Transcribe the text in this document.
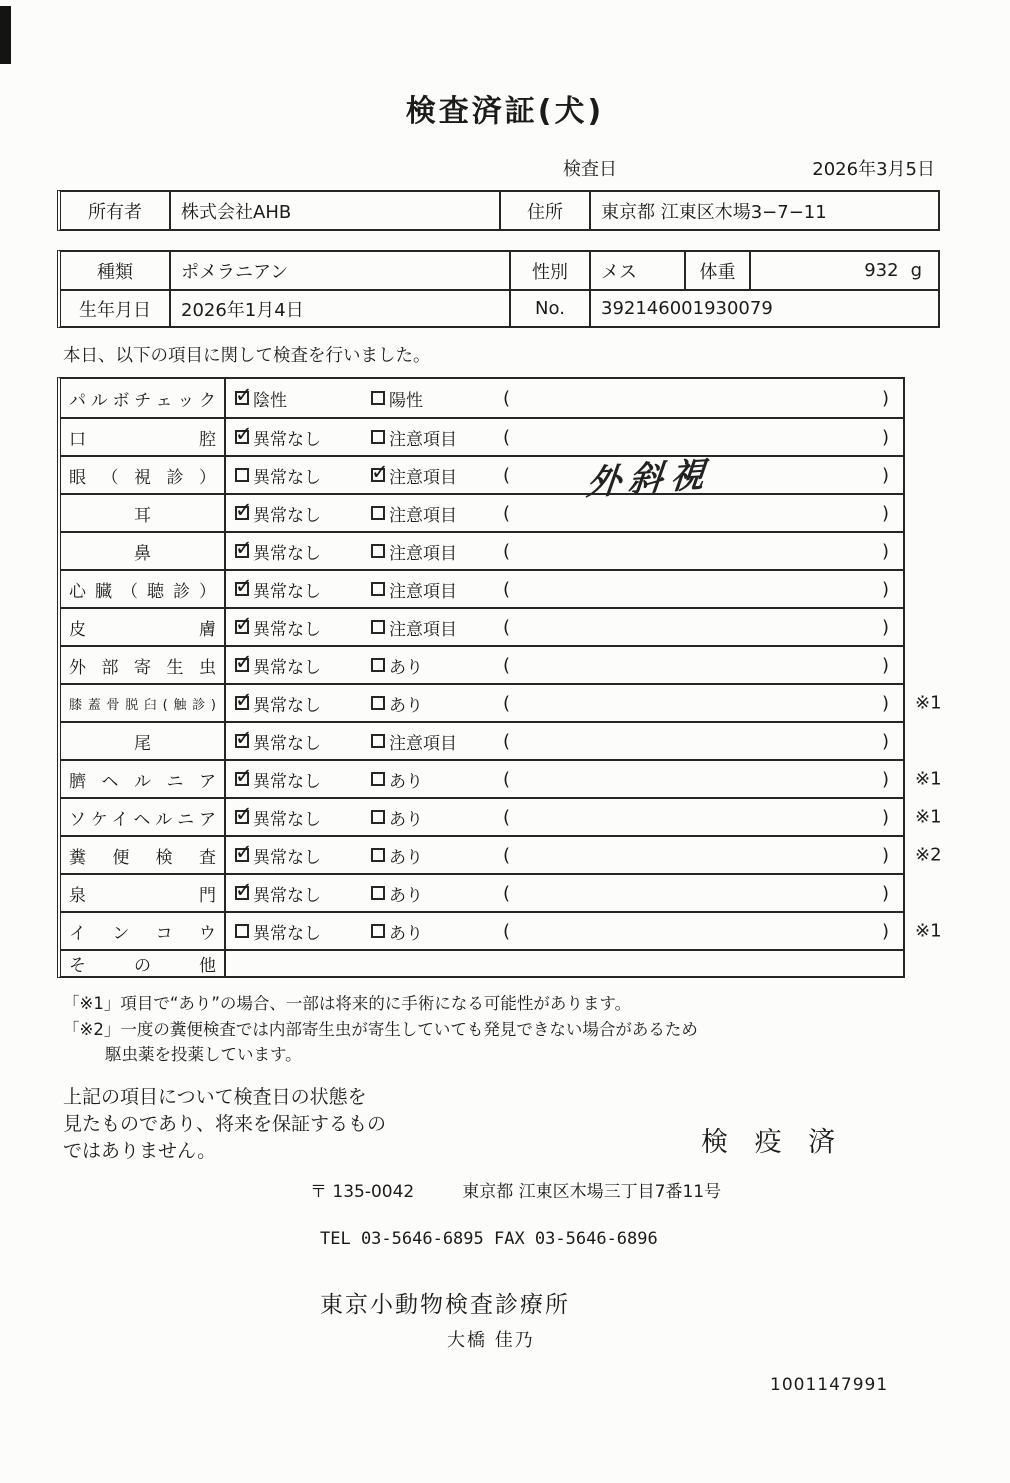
検査済証(犬)
検査日	2026年3月5日
所有者	株式会社AHB	住所	東京都 江東区木場3−7−11
種類	ポメラニアン	性別	メス	体重	932 g
生年月日	2026年1月4日	No.	392146001930079
本日、以下の項目に関して検査を行いました。
パルボチェック ✓ 陰性	陽性	(	)
口腔 ✓ 異常なし	注意項目	(	)
眼（視診） 異常なし ✓	注意項目	( 外斜視	)
耳 ✓	異常なし	注意項目	(	)
鼻 ✓	異常なし	注意項目	(	)
心臓（聴診） ✓ 異常なし	注意項目	(	)
皮膚 ✓ 異常なし	注意項目	(	)
外部寄生虫 ✓ 異常なし	あり	(	)
膝蓋骨脱臼(触診) ✓ 異常なし	あり	(	)	※1
尾 ✓	異常なし	注意項目	(	)
臍ヘルニア ✓ 異常なし	あり	(	)	※1
ソケイヘルニア ✓ 異常なし	あり	(	)	※1
糞便検査 ✓ 異常なし	あり	(	)	※2
泉門 ✓ 異常なし	あり	(	)
インコウ 異常なし	あり	(	)	※1
その他
「※1」項目で“あり”の場合、一部は将来的に手術になる可能性があります。
「※2」一度の糞便検査では内部寄生虫が寄生していても発見できない場合があるため
駆虫薬を投薬しています。
上記の項目について検査日の状態を
見たものであり、将来を保証するもの
ではありません。	検 疫 済
〒 135-0042	東京都 江東区木場三丁目7番11号
TEL 03-5646-6895 FAX 03-5646-6896
東京小動物検査診療所
大橋 佳乃
1001147991
